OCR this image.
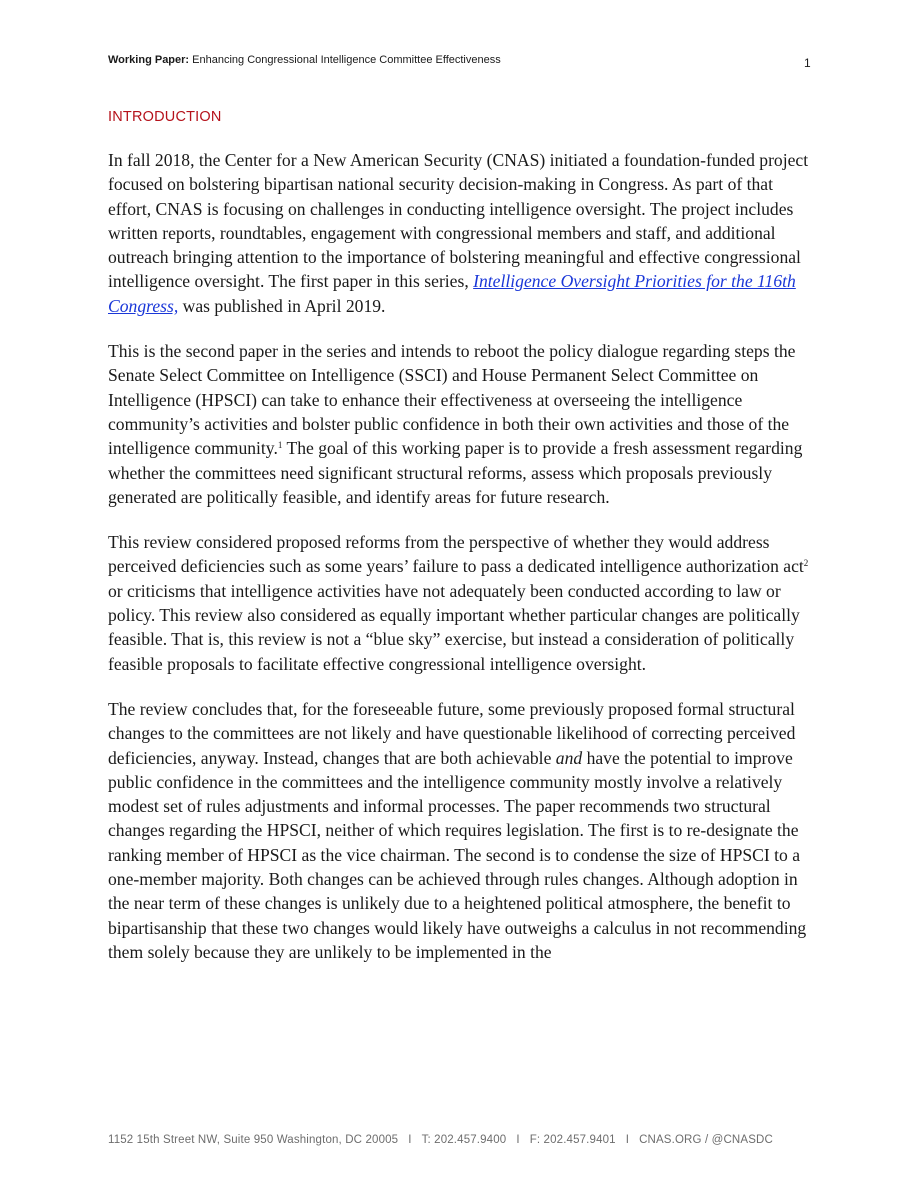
Working Paper: Enhancing Congressional Intelligence Committee Effectiveness	1
INTRODUCTION

In fall 2018, the Center for a New American Security (CNAS) initiated a foundation-funded project focused on bolstering bipartisan national security decision-making in Congress. As part of that effort, CNAS is focusing on challenges in conducting intelligence oversight. The project includes written reports, roundtables, engagement with congressional members and staff, and additional outreach bringing attention to the importance of bolstering meaningful and effective congressional intelligence oversight. The first paper in this series, Intelligence Oversight Priorities for the 116th Congress, was published in April 2019.

This is the second paper in the series and intends to reboot the policy dialogue regarding steps the Senate Select Committee on Intelligence (SSCI) and House Permanent Select Committee on Intelligence (HPSCI) can take to enhance their effectiveness at overseeing the intelligence community’s activities and bolster public confidence in both their own activities and those of the intelligence community.$^1$ The goal of this working paper is to provide a fresh assessment regarding whether the committees need significant structural reforms, assess which proposals previously generated are politically feasible, and identify areas for future research.

This review considered proposed reforms from the perspective of whether they would address perceived deficiencies such as some years’ failure to pass a dedicated intelligence authorization act$^2$ or criticisms that intelligence activities have not adequately been conducted according to law or policy. This review also considered as equally important whether particular changes are politically feasible. That is, this review is not a “blue sky” exercise, but instead a consideration of politically feasible proposals to facilitate effective congressional intelligence oversight.

The review concludes that, for the foreseeable future, some previously proposed formal structural changes to the committees are not likely and have questionable likelihood of correcting perceived deficiencies, anyway. Instead, changes that are both achievable and have the potential to improve public confidence in the committees and the intelligence community mostly involve a relatively modest set of rules adjustments and informal processes. The paper recommends two structural changes regarding the HPSCI, neither of which requires legislation. The first is to re-designate the ranking member of HPSCI as the vice chairman. The second is to condense the size of HPSCI to a one-member majority. Both changes can be achieved through rules changes. Although adoption in the near term of these changes is unlikely due to a heightened political atmosphere, the benefit to bipartisanship that these two changes would likely have outweighs a calculus in not recommending them solely because they are unlikely to be implemented in the

1152 15th Street NW, Suite 950 Washington, DC 20005 I T: 202.457.9400 I F: 202.457.9401 I CNAS.ORG / @CNASDC
